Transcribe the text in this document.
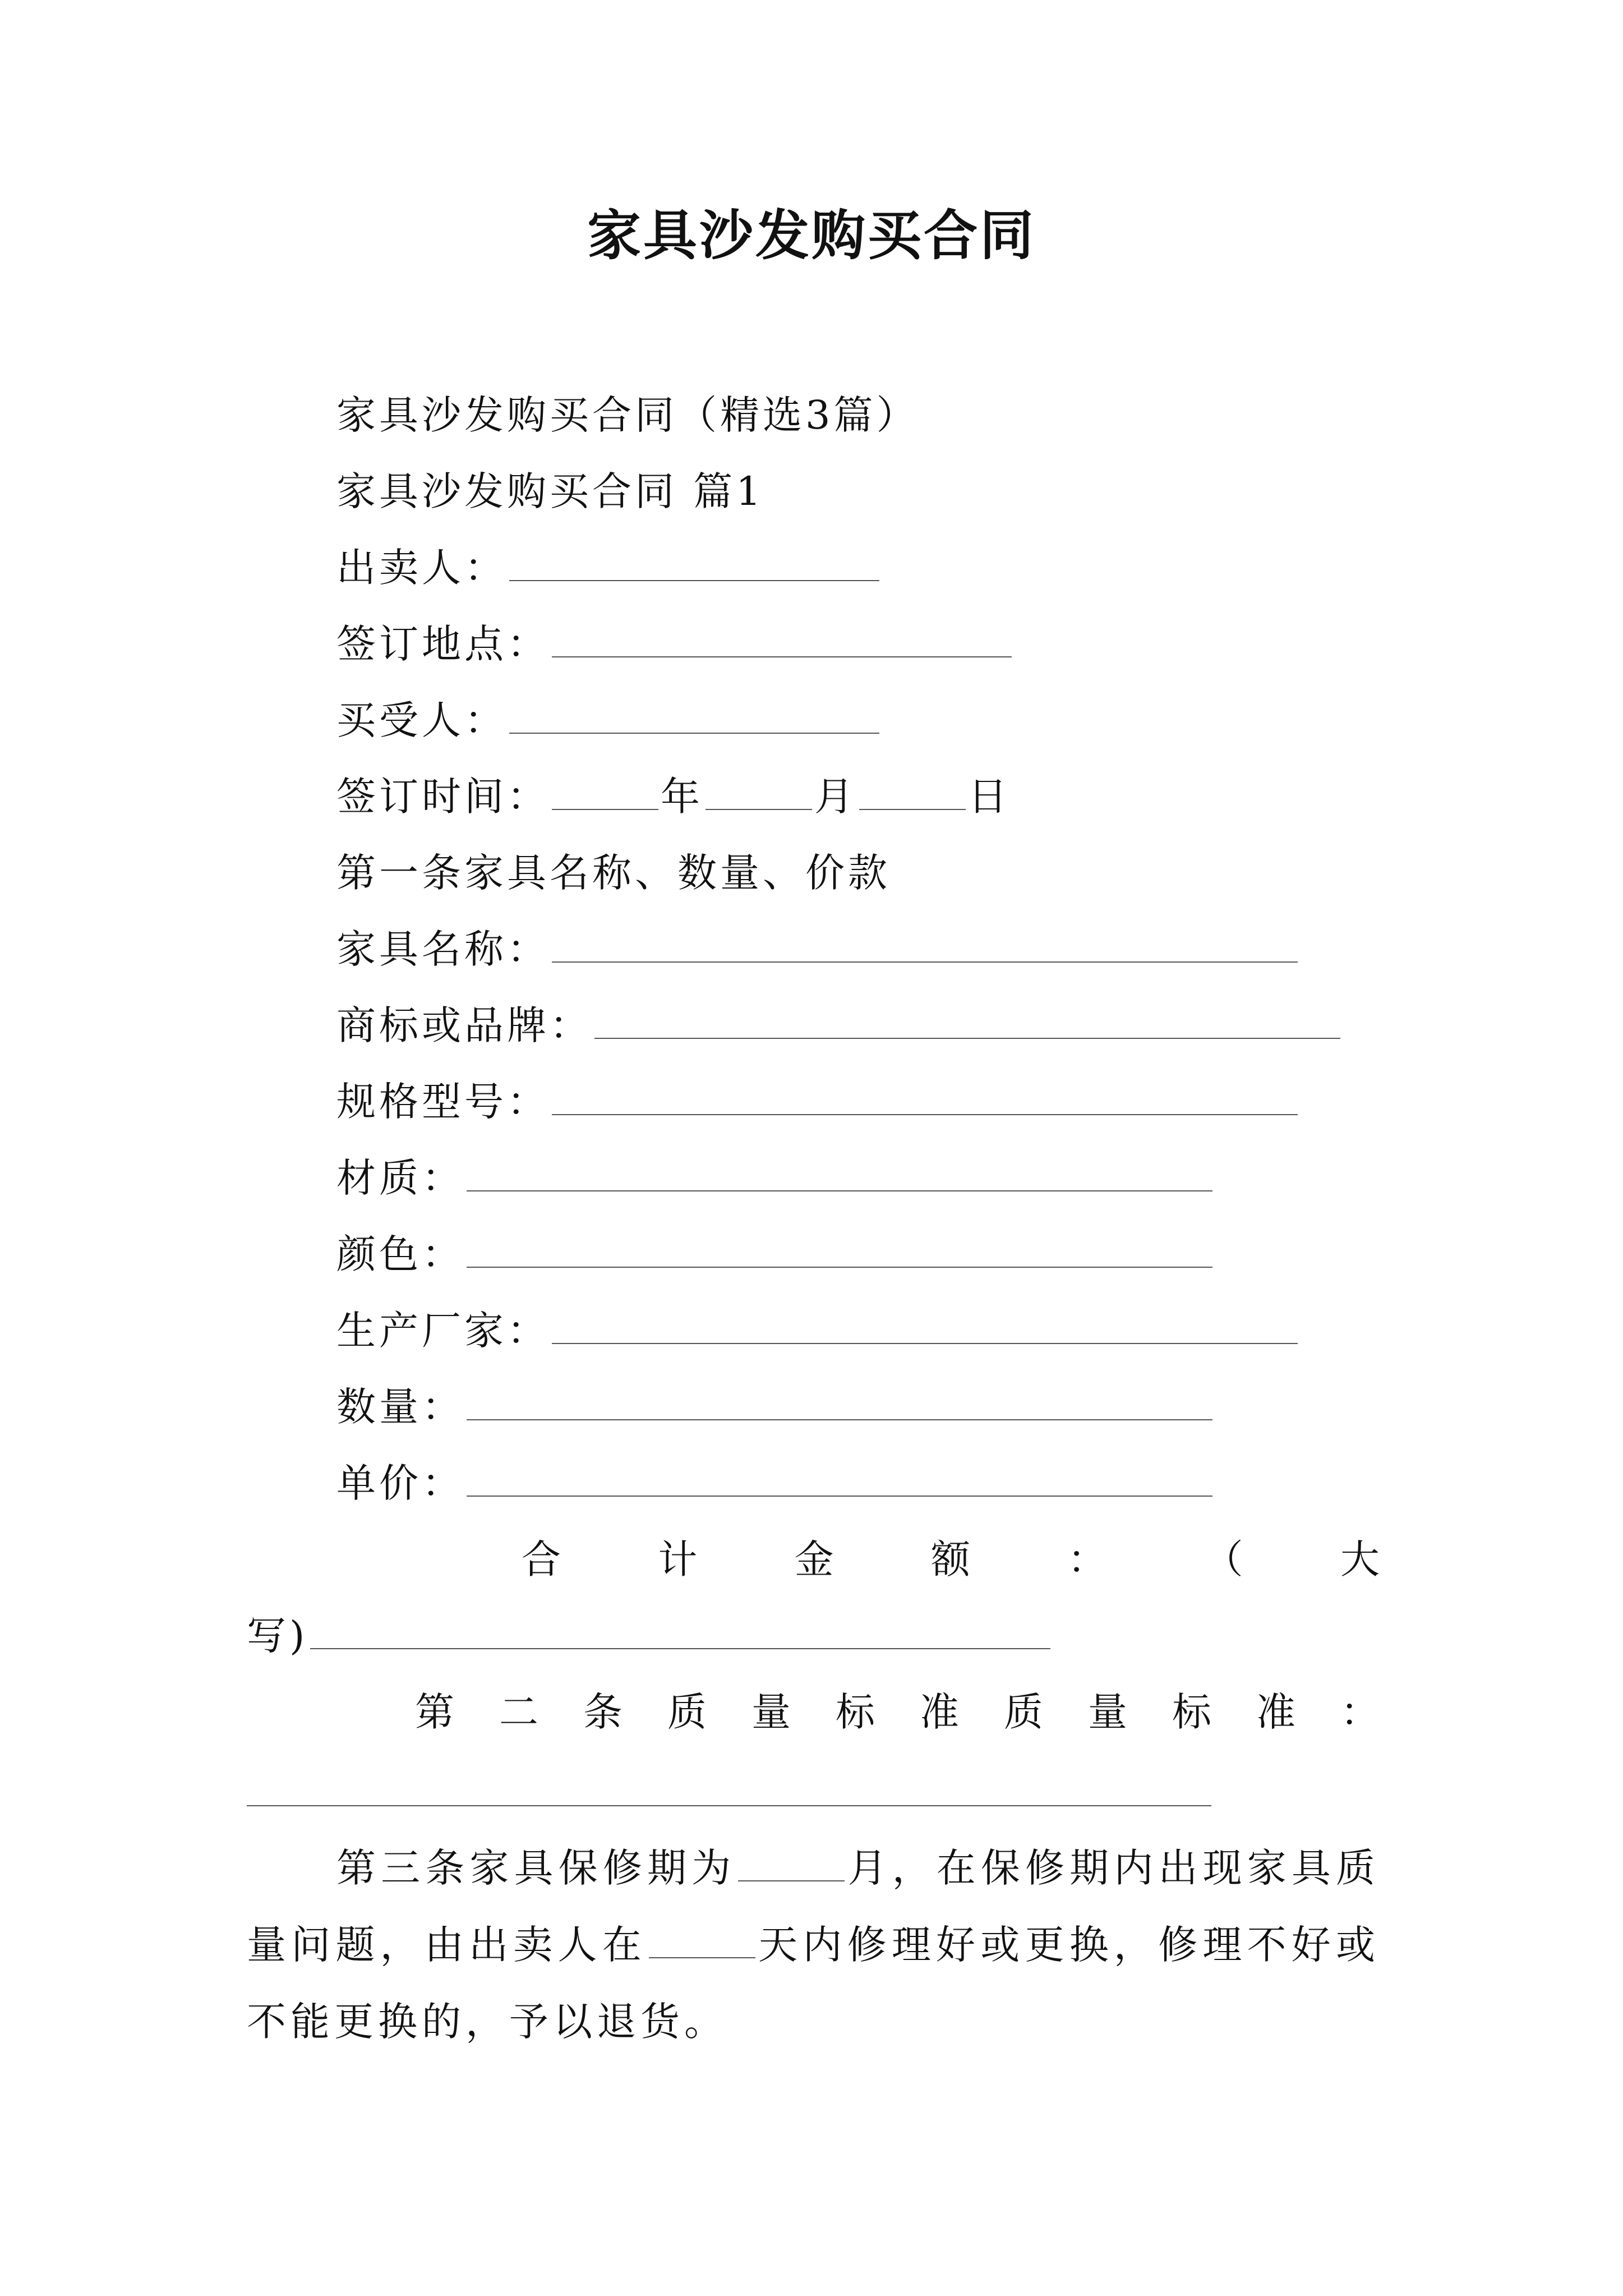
家具沙发购买合同
家具沙发购买合同（精选3篇）
家具沙发购买合同 篇1
出卖人：
签订地点：
买受人：
签订时间：	年	月	日
第一条家具名称、数量、价款
家具名称：
商标或品牌：
规格型号：
材质：
颜色：
生产厂家：
数量：
单价：
合 计 金 额 ： （ 大
写)
第 二 条 质 量 标 准 质 量 标 准 ：
第三条家具保修期为	月，在保修期内出现家具质量问题，由出卖人在	天内修理好或更换，修理不好或不能更换的，予以退货。
